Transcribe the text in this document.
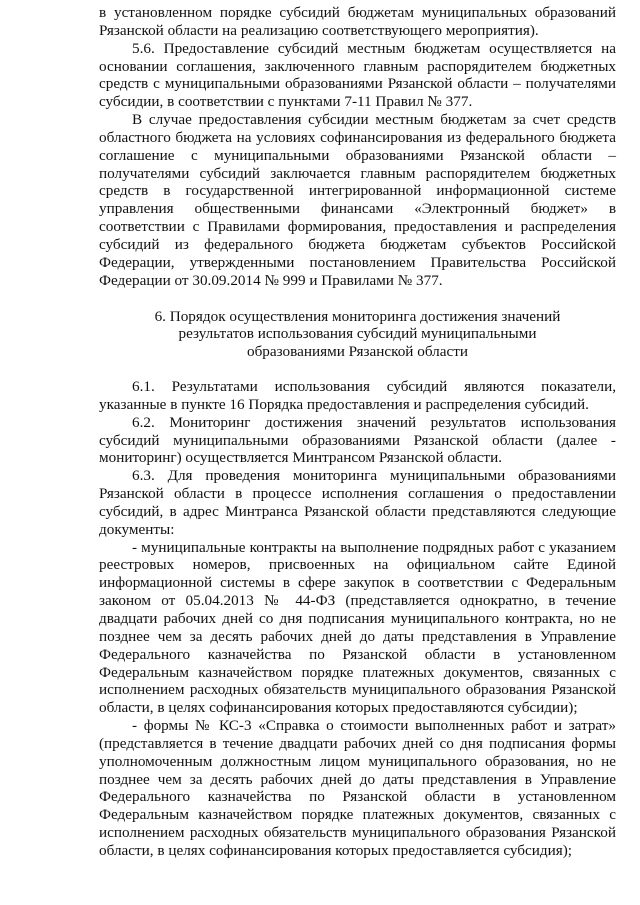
в установленном порядке субсидий бюджетам муниципальных образований Рязанской области на реализацию соответствующего мероприятия).

5.6. Предоставление субсидий местным бюджетам осуществляется на основании соглашения, заключенного главным распорядителем бюджетных средств с муниципальными образованиями Рязанской области – получателями субсидии, в соответствии с пунктами 7-11 Правил № 377.

В случае предоставления субсидии местным бюджетам за счет средств областного бюджета на условиях софинансирования из федерального бюджета соглашение с муниципальными образованиями Рязанской области – получателями субсидий заключается главным распорядителем бюджетных средств в государственной интегрированной информационной системе управления общественными финансами «Электронный бюджет» в соответствии с Правилами формирования, предоставления и распределения субсидий из федерального бюджета бюджетам субъектов Российской Федерации, утвержденными постановлением Правительства Российской Федерации от 30.09.2014 № 999 и Правилами № 377.

6. Порядок осуществления мониторинга достижения значений
результатов использования субсидий муниципальными
образованиями Рязанской области

6.1. Результатами использования субсидий являются показатели, указанные в пункте 16 Порядка предоставления и распределения субсидий.

6.2. Мониторинг достижения значений результатов использования субсидий муниципальными образованиями Рязанской области (далее - мониторинг) осуществляется Минтрансом Рязанской области.

6.3. Для проведения мониторинга муниципальными образованиями Рязанской области в процессе исполнения соглашения о предоставлении субсидий, в адрес Минтранса Рязанской области представляются следующие документы:

- муниципальные контракты на выполнение подрядных работ с указанием реестровых номеров, присвоенных на официальном сайте Единой информационной системы в сфере закупок в соответствии с Федеральным законом от 05.04.2013 № 44-ФЗ (представляется однократно, в течение двадцати рабочих дней со дня подписания муниципального контракта, но не позднее чем за десять рабочих дней до даты представления в Управление Федерального казначейства по Рязанской области в установленном Федеральным казначейством порядке платежных документов, связанных с исполнением расходных обязательств муниципального образования Рязанской области, в целях софинансирования которых предоставляются субсидии);

- формы № КС-3 «Справка о стоимости выполненных работ и затрат» (представляется в течение двадцати рабочих дней со дня подписания формы уполномоченным должностным лицом муниципального образования, но не позднее чем за десять рабочих дней до даты представления в Управление Федерального казначейства по Рязанской области в установленном Федеральным казначейством порядке платежных документов, связанных с исполнением расходных обязательств муниципального образования Рязанской области, в целях софинансирования которых предоставляется субсидия);
